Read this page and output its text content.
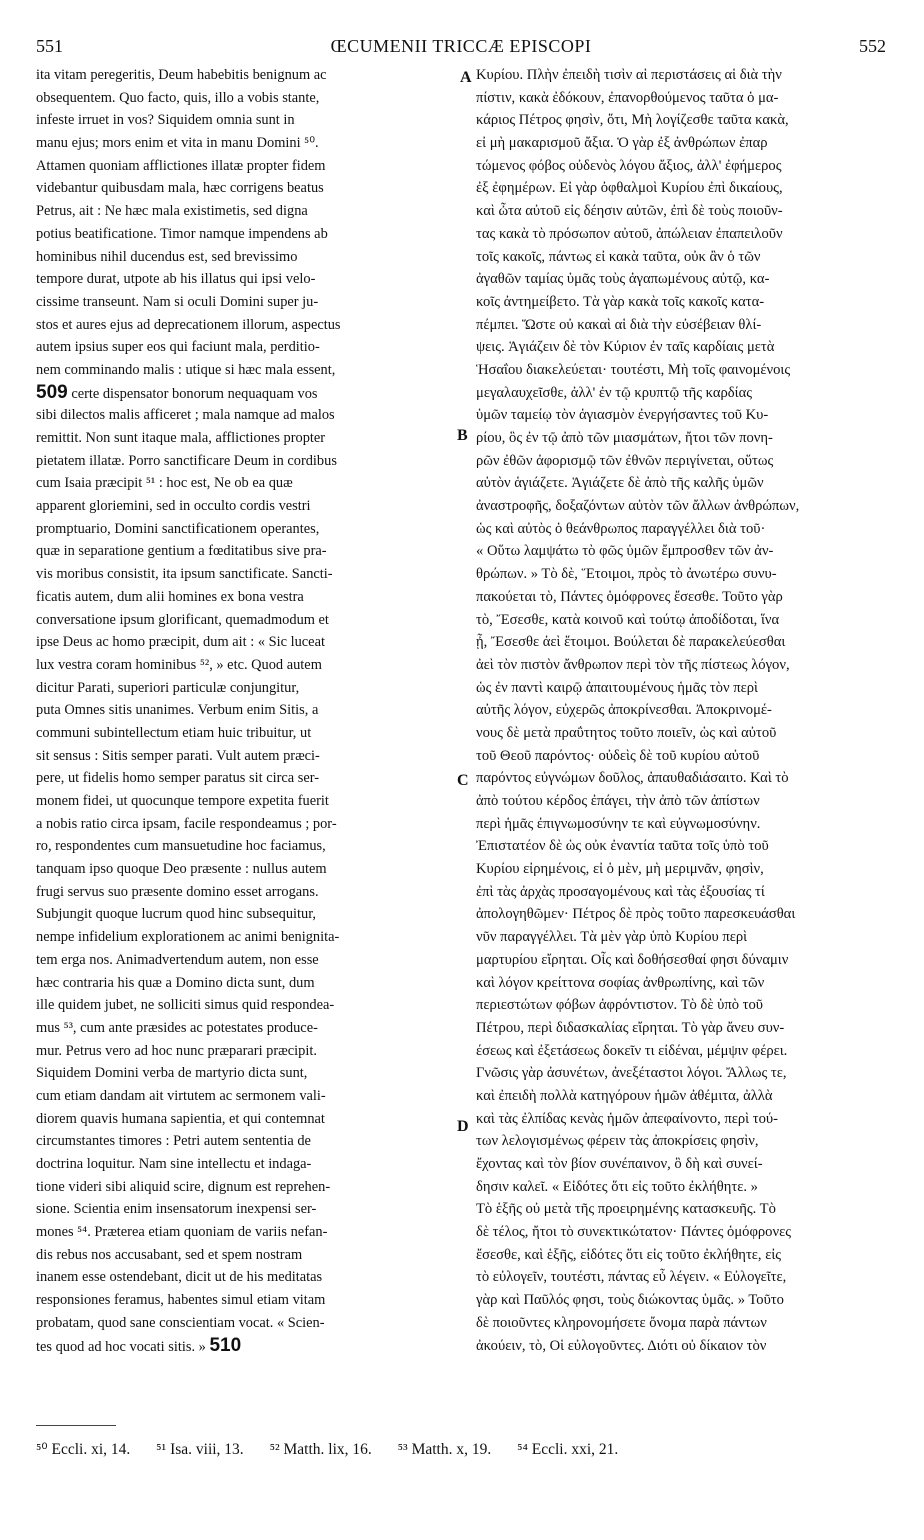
551	ŒCUMENII TRICCÆ EPISCOPI	552
ita vitam peregeritis, Deum habebitis benignum ac
obsequentem. Quo facto, quis, illo a vobis stante,
infeste irruet in vos? Siquidem omnia sunt in
manu ejus; mors enim et vita in manu Domini ⁵⁰.
Attamen quoniam afflictiones illatæ propter fidem
videbantur quibusdam mala, hæc corrigens beatus
Petrus, ait : Ne hæc mala existimetis, sed digna
potius beatificatione. Timor namque impendens ab
hominibus nihil ducendus est, sed brevissimo
tempore durat, utpote ab his illatus qui ipsi velo-
cissime transeunt. Nam si oculi Domini super ju-
stos et aures ejus ad deprecationem illorum, aspectus
autem ipsius super eos qui faciunt mala, perditio-
nem comminando malis : utique si hæc mala essent,
509 certe dispensator bonorum nequaquam vos
sibi dilectos malis afficeret ; mala namque ad malos
remittit. Non sunt itaque mala, afflictiones propter
pietatem illatæ. Porro sanctificare Deum in cordibus
cum Isaia præcipit ⁵¹ : hoc est, Ne ob ea quæ
apparent gloriemini, sed in occulto cordis vestri
promptuario, Domini sanctificationem operantes,
quæ in separatione gentium a fœditatibus sive pra-
vis moribus consistit, ita ipsum sanctificate. Sancti-
ficatis autem, dum alii homines ex bona vestra
conversatione ipsum glorificant, quemadmodum et
ipse Deus ac homo præcipit, dum ait : « Sic luceat
lux vestra coram hominibus ⁵², » etc. Quod autem
dicitur Parati, superiori particulæ conjungitur,
puta Omnes sitis unanimes. Verbum enim Sitis, a
communi subintellectum etiam huic tribuitur, ut
sit sensus : Sitis semper parati. Vult autem præci-
pere, ut fidelis homo semper paratus sit circa ser-
monem fidei, ut quocunque tempore expetita fuerit
a nobis ratio circa ipsam, facile respondeamus ; por-
ro, respondentes cum mansuetudine hoc faciamus,
tanquam ipso quoque Deo præsente : nullus autem
frugi servus suo præsente domino esset arrogans.
Subjungit quoque lucrum quod hinc subsequitur,
nempe infidelium explorationem ac animi benignita-
tem erga nos. Animadvertendum autem, non esse
hæc contraria his quæ a Domino dicta sunt, dum
ille quidem jubet, ne solliciti simus quid respondea-
mus ⁵³, cum ante præsides ac potestates produce-
mur. Petrus vero ad hoc nunc præparari præcipit.
Siquidem Domini verba de martyrio dicta sunt,
cum etiam dandam ait virtutem ac sermonem vali-
diorem quavis humana sapientia, et qui contemnat
circumstantes timores : Petri autem sententia de
doctrina loquitur. Nam sine intellectu et indaga-
tione videri sibi aliquid scire, dignum est reprehen-
sione. Scientia enim insensatorum inexpensi ser-
mones ⁵⁴. Præterea etiam quoniam de variis nefan-
dis rebus nos accusabant, sed et spem nostram
inanem esse ostendebant, dicit ut de his meditatas
responsiones feramus, habentes simul etiam vitam
probatam, quod sane conscientiam vocat. « Scien-
tes quod ad hoc vocati sitis. » 510
Κυρίου. Πλὴν ἐπειδὴ τισὶν αἱ περιστάσεις αἱ διὰ τὴν
πίστιν, κακὰ ἐδόκουν, ἐπανορθούμενος ταῦτα ὁ μα-
κάριος Πέτρος φησὶν, ὅτι, Μὴ λογίζεσθε ταῦτα κακὰ,
εἰ μὴ μακαρισμοῦ ἄξια. Ὁ γὰρ ἐξ ἀνθρώπων ἐπαρ
τώμενος φόβος οὐδενὸς λόγου ἄξιος, ἀλλ' ἐφήμερος
ἐξ ἐφημέρων. Εἰ γὰρ ὀφθαλμοὶ Κυρίου ἐπὶ δικαίους,
καὶ ὦτα αὐτοῦ εἰς δέησιν αὐτῶν, ἐπὶ δὲ τοὺς ποιοῦν-
τας κακὰ τὸ πρόσωπον αὐτοῦ, ἀπώλειαν ἐπαπειλοῦν
τοῖς κακοῖς, πάντως εἰ κακὰ ταῦτα, οὐκ ἂν ὁ τῶν
ἀγαθῶν ταμίας ὑμᾶς τοὺς ἀγαπωμένους αὐτῷ, κα-
κοῖς ἀντημείβετο. Τὰ γὰρ κακὰ τοῖς κακοῖς κατα-
πέμπει. Ὥστε οὐ κακαὶ αἱ διὰ τὴν εὐσέβειαν θλί-
ψεις. Ἁγιάζειν δὲ τὸν Κύριον ἐν ταῖς καρδίαις μετὰ
Ἡσαΐου διακελεύεται· τουτέστι, Μὴ τοῖς φαινομένοις
μεγαλαυχεῖσθε, ἀλλ' ἐν τῷ κρυπτῷ τῆς καρδίας
ὑμῶν ταμείῳ τὸν ἁγιασμὸν ἐνεργήσαντες τοῦ Κυ-
ρίου, ὃς ἐν τῷ ἀπὸ τῶν μιασμάτων, ἤτοι τῶν πονη-
ρῶν ἐθῶν ἀφορισμῷ τῶν ἐθνῶν περιγίνεται, οὕτως
αὐτὸν ἁγιάζετε. Ἁγιάζετε δὲ ἀπὸ τῆς καλῆς ὑμῶν
ἀναστροφῆς, δοξαζόντων αὐτὸν τῶν ἄλλων ἀνθρώπων,
ὡς καὶ αὐτὸς ὁ θεάνθρωπος παραγγέλλει διὰ τοῦ·
« Οὕτω λαμψάτω τὸ φῶς ὑμῶν ἔμπροσθεν τῶν ἀν-
θρώπων. » Τὸ δὲ, Ἕτοιμοι, πρὸς τὸ ἀνωτέρω συνυ-
πακούεται τὸ, Πάντες ὁμόφρονες ἔσεσθε. Τοῦτο γὰρ
τὸ, Ἔσεσθε, κατὰ κοινοῦ καὶ τούτῳ ἀποδίδοται, ἵνα
ᾖ, Ἔσεσθε ἀεὶ ἕτοιμοι. Βούλεται δὲ παρακελεύεσθαι
ἀεὶ τὸν πιστὸν ἄνθρωπον περὶ τὸν τῆς πίστεως λόγον,
ὡς ἐν παντὶ καιρῷ ἀπαιτουμένους ἡμᾶς τὸν περὶ
αὐτῆς λόγον, εὐχερῶς ἀποκρίνεσθαι. Ἀποκρινομέ-
νους δὲ μετὰ πραΰτητος τοῦτο ποιεῖν, ὡς καὶ αὐτοῦ
τοῦ Θεοῦ παρόντος· οὐδεὶς δὲ τοῦ κυρίου αὐτοῦ
παρόντος εὐγνώμων δοῦλος, ἀπαυθαδιάσαιτο. Καὶ τὸ
ἀπὸ τούτου κέρδος ἐπάγει, τὴν ἀπὸ τῶν ἀπίστων
περὶ ἡμᾶς ἐπιγνωμοσύνην τε καὶ εὐγνωμοσύνην.
Ἐπιστατέον δὲ ὡς οὐκ ἐναντία ταῦτα τοῖς ὑπὸ τοῦ
Κυρίου εἰρημένοις, εἰ ὁ μὲν, μὴ μεριμνᾶν, φησὶν,
ἐπὶ τὰς ἀρχὰς προσαγομένους καὶ τὰς ἐξουσίας τί
ἀπολογηθῶμεν· Πέτρος δὲ πρὸς τοῦτο παρεσκευάσθαι
νῦν παραγγέλλει. Τὰ μὲν γὰρ ὑπὸ Κυρίου περὶ
μαρτυρίου εἴρηται. Οἷς καὶ δοθήσεσθαί φησι δύναμιν
καὶ λόγον κρείττονα σοφίας ἀνθρωπίνης, καὶ τῶν
περιεστώτων φόβων ἀφρόντιστον. Τὸ δὲ ὑπὸ τοῦ
Πέτρου, περὶ διδασκαλίας εἴρηται. Τὸ γὰρ ἄνευ συν-
έσεως καὶ ἐξετάσεως δοκεῖν τι εἰδέναι, μέμψιν φέρει.
Γνῶσις γὰρ ἀσυνέτων, ἀνεξέταστοι λόγοι. Ἄλλως τε,
καὶ ἐπειδὴ πολλὰ κατηγόρουν ἡμῶν ἀθέμιτα, ἀλλὰ
καὶ τὰς ἐλπίδας κενὰς ἡμῶν ἀπεφαίνοντο, περὶ τού-
των λελογισμένως φέρειν τὰς ἀποκρίσεις φησὶν,
ἔχοντας καὶ τὸν βίον συνέπαινον, ὃ δὴ καὶ συνεί-
δησιν καλεῖ. « Εἰδότες ὅτι εἰς τοῦτο ἐκλήθητε. »
Τὸ ἑξῆς οὐ μετὰ τῆς προειρημένης κατασκευῆς. Τὸ
δὲ τέλος, ἤτοι τὸ συνεκτικώτατον· Πάντες ὁμόφρονες
ἔσεσθε, καὶ ἑξῆς, εἰδότες ὅτι εἰς τοῦτο ἐκλήθητε, εἰς
τὸ εὐλογεῖν, τουτέστι, πάντας εὖ λέγειν. « Εὐλογεῖτε,
γὰρ καὶ Παῦλός φησι, τοὺς διώκοντας ὑμᾶς. » Τοῦτο
δὲ ποιοῦντες κληρονομήσετε ὄνομα παρὰ πάντων
ἀκούειν, τὸ, Οἱ εὐλογοῦντες. Διότι οὐ δίκαιον τὸν
A
B
C
D
⁵⁰ Eccli. xi, 14. ⁵¹ Isa. viii, 13. ⁵² Matth. lix, 16. ⁵³ Matth. x, 19. ⁵⁴ Eccli. xxi, 21.
